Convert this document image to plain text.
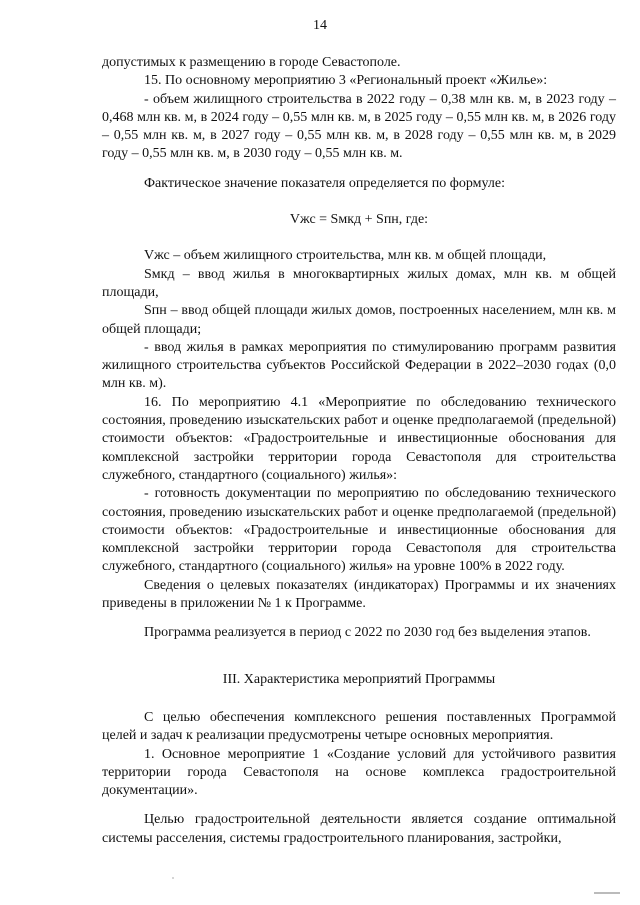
14

допустимых к размещению в городе Севастополе.

15. По основному мероприятию 3 «Региональный проект «Жилье»:

- объем жилищного строительства в 2022 году – 0,38 млн кв. м, в 2023 году – 0,468 млн кв. м, в 2024 году – 0,55 млн кв. м, в 2025 году – 0,55 млн кв. м, в 2026 году – 0,55 млн кв. м, в 2027 году – 0,55 млн кв. м, в 2028 году – 0,55 млн кв. м, в 2029 году – 0,55 млн кв. м, в 2030 году – 0,55 млн кв. м.

Фактическое значение показателя определяется по формуле:

Vжс = Sмкд + Sпн, где:

Vжс – объем жилищного строительства, млн кв. м общей площади,

Sмкд – ввод жилья в многоквартирных жилых домах, млн кв. м общей площади,

Sпн – ввод общей площади жилых домов, построенных населением, млн кв. м общей площади;

- ввод жилья в рамках мероприятия по стимулированию программ развития жилищного строительства субъектов Российской Федерации в 2022–2030 годах (0,0 млн кв. м).

16. По мероприятию 4.1 «Мероприятие по обследованию технического состояния, проведению изыскательских работ и оценке предполагаемой (предельной) стоимости объектов: «Градостроительные и инвестиционные обоснования для комплексной застройки территории города Севастополя для строительства служебного, стандартного (социального) жилья»:

- готовность документации по мероприятию по обследованию технического состояния, проведению изыскательских работ и оценке предполагаемой (предельной) стоимости объектов: «Градостроительные и инвестиционные обоснования для комплексной застройки территории города Севастополя для строительства служебного, стандартного (социального) жилья» на уровне 100% в 2022 году.

Сведения о целевых показателях (индикаторах) Программы и их значениях приведены в приложении № 1 к Программе.

Программа реализуется в период с 2022 по 2030 год без выделения этапов.

III. Характеристика мероприятий Программы

С целью обеспечения комплексного решения поставленных Программой целей и задач к реализации предусмотрены четыре основных мероприятия.

1. Основное мероприятие 1 «Создание условий для устойчивого развития территории города Севастополя на основе комплекса градостроительной документации».

Целью градостроительной деятельности является создание оптимальной системы расселения, системы градостроительного планирования, застройки,
